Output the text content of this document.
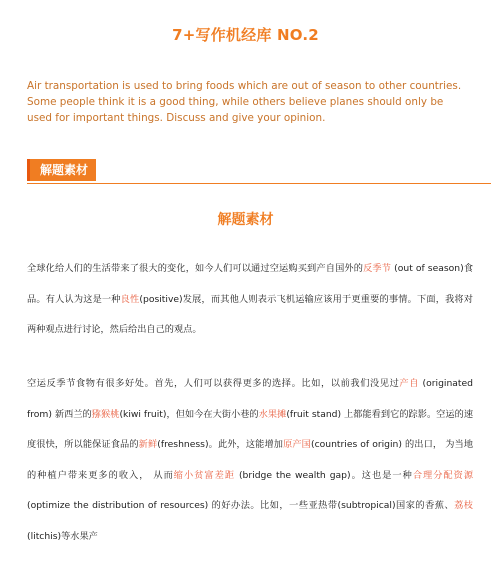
7+写作机经库 NO.2
Air transportation is used to bring foods which are out of season to other countries. Some people think it is a good thing, while others believe planes should only be used for important things. Discuss and give your opinion.
解题素材
解题素材
全球化给人们的生活带来了很大的变化，如今人们可以通过空运购买到产自国外的反季节 (out of season)食品。有人认为这是一种良性(positive)发展，而其他人则表示飞机运输应该用于更重要的事情。下面，我将对两种观点进行讨论，然后给出自己的观点。
空运反季节食物有很多好处。首先，人们可以获得更多的选择。比如，以前我们没见过产自 (originated from) 新西兰的猕猴桃(kiwi fruit)，但如今在大街小巷的水果摊(fruit stand) 上都能看到它的踪影。空运的速度很快，所以能保证食品的新鲜(freshness)。此外，这能增加原产国(countries of origin) 的出口， 为当地的种植户带来更多的收入， 从而缩小贫富差距 (bridge the wealth gap)。这也是一种合理分配资源 (optimize the distribution of resources) 的好办法。比如，一些亚热带(subtropical)国家的香蕉、荔枝(litchis)等水果产
